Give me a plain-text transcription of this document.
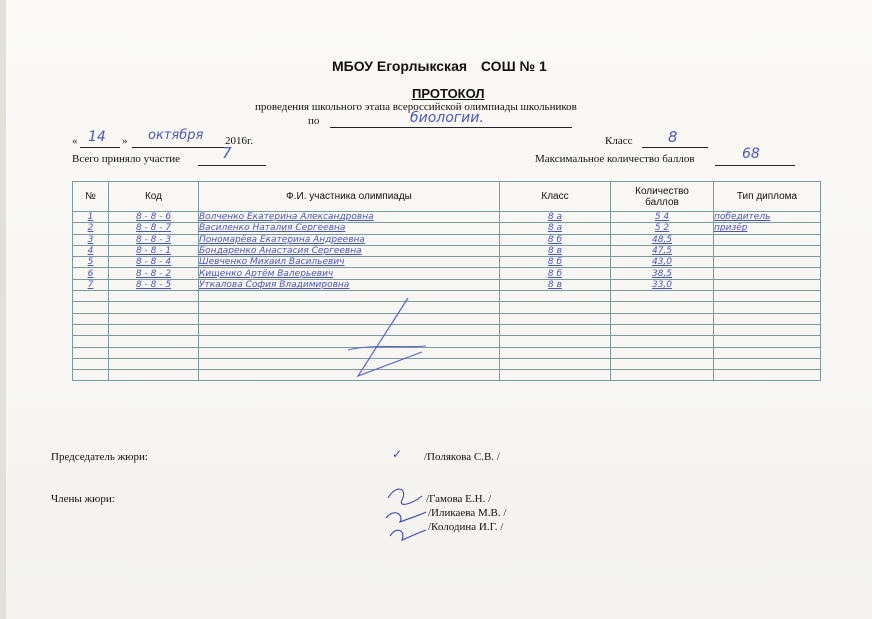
МБОУ Егорлыкская СОШ № 1
ПРОТОКОЛ
проведения школьного этапа всероссийской олимпиады школьников
по	биологии.
« 14 » октября 2016г.	Класс 8
Всего приняло участие	7	Максимальное количество баллов	68
№	Код	Ф.И. участника олимпиады	Класс	Количество баллов	Тип диплома
1	8 - 8 - 6	Волченко Екатерина Александровна	8 а	5 4	победитель
2	8 - 8 - 7	Василенко Наталия Сергеевна	8 а	5 2	призёр
3	8 - 8 - 3	Пономарёва Екатерина Андреевна	8 б	48,5	
4	8 - 8 - 1	Бондаренко Анастасия Сергеевна	8 в	47,5	
5	8 - 8 - 4	Шевченко Михаил Васильевич	8 б	43,0	
6	8 - 8 - 2	Кищенко Артём Валерьевич	8 б	38,5	
7	8 - 8 - 5	Уткалова София Владимировна	8 в	33,0	

Председатель жюри:	✓ /Полякова С.В. /
Члены жюри:	/Гамова Е.Н. /
/Иликаева М.В. /
/Колодина И.Г. /
